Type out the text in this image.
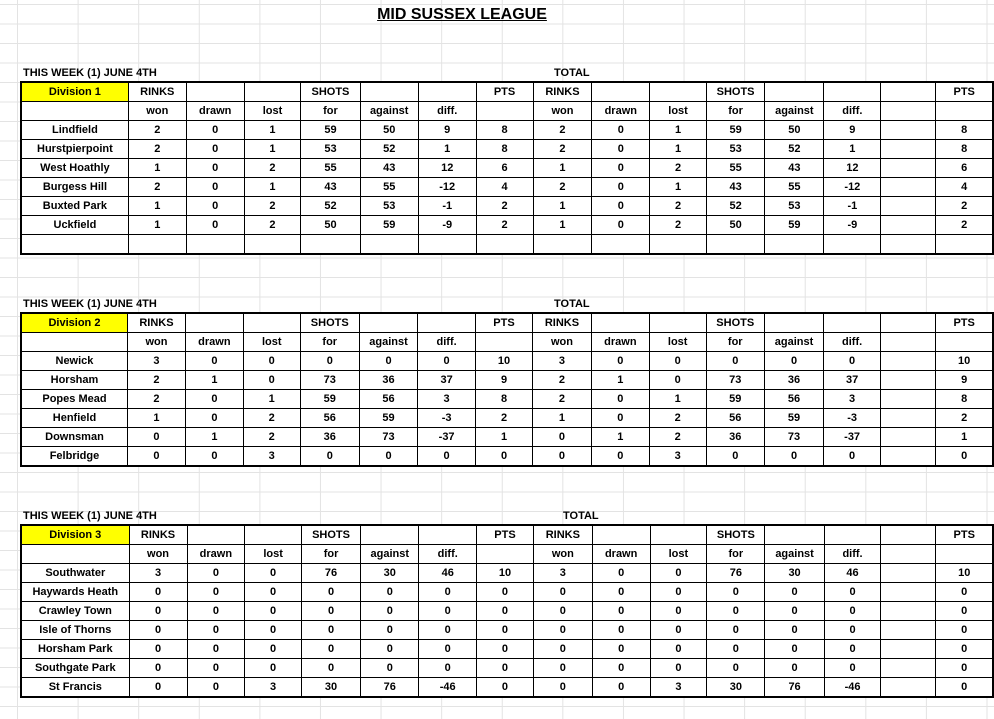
MID SUSSEX LEAGUE
THIS WEEK (1) JUNE 4TH	TOTAL
Division 1	RINKS			SHOTS			PTS	RINKS			SHOTS				PTS
	won	drawn	lost	for	against	diff.		won	drawn	lost	for	against	diff.		
Lindfield	2	0	1	59	50	9	8	2	0	1	59	50	9		8
Hurstpierpoint	2	0	1	53	52	1	8	2	0	1	53	52	1		8
West Hoathly	1	0	2	55	43	12	6	1	0	2	55	43	12		6
Burgess Hill	2	0	1	43	55	-12	4	2	0	1	43	55	-12		4
Buxted Park	1	0	2	52	53	-1	2	1	0	2	52	53	-1		2
Uckfield	1	0	2	50	59	-9	2	1	0	2	50	59	-9		2

THIS WEEK (1) JUNE 4TH	TOTAL
Division 2	RINKS			SHOTS			PTS	RINKS			SHOTS				PTS
	won	drawn	lost	for	against	diff.		won	drawn	lost	for	against	diff.		
Newick	3	0	0	0	0	0	10	3	0	0	0	0	0		10
Horsham	2	1	0	73	36	37	9	2	1	0	73	36	37		9
Popes Mead	2	0	1	59	56	3	8	2	0	1	59	56	3		8
Henfield	1	0	2	56	59	-3	2	1	0	2	56	59	-3		2
Downsman	0	1	2	36	73	-37	1	0	1	2	36	73	-37		1
Felbridge	0	0	3	0	0	0	0	0	0	3	0	0	0		0
THIS WEEK (1) JUNE 4TH	TOTAL
Division 3	RINKS			SHOTS			PTS	RINKS			SHOTS				PTS
	won	drawn	lost	for	against	diff.		won	drawn	lost	for	against	diff.		
Southwater	3	0	0	76	30	46	10	3	0	0	76	30	46		10
Haywards Heath	0	0	0	0	0	0	0	0	0	0	0	0	0		0
Crawley Town	0	0	0	0	0	0	0	0	0	0	0	0	0		0
Isle of Thorns	0	0	0	0	0	0	0	0	0	0	0	0	0		0
Horsham Park	0	0	0	0	0	0	0	0	0	0	0	0	0		0
Southgate Park	0	0	0	0	0	0	0	0	0	0	0	0	0		0
St Francis	0	0	3	30	76	-46	0	0	0	3	30	76	-46		0
